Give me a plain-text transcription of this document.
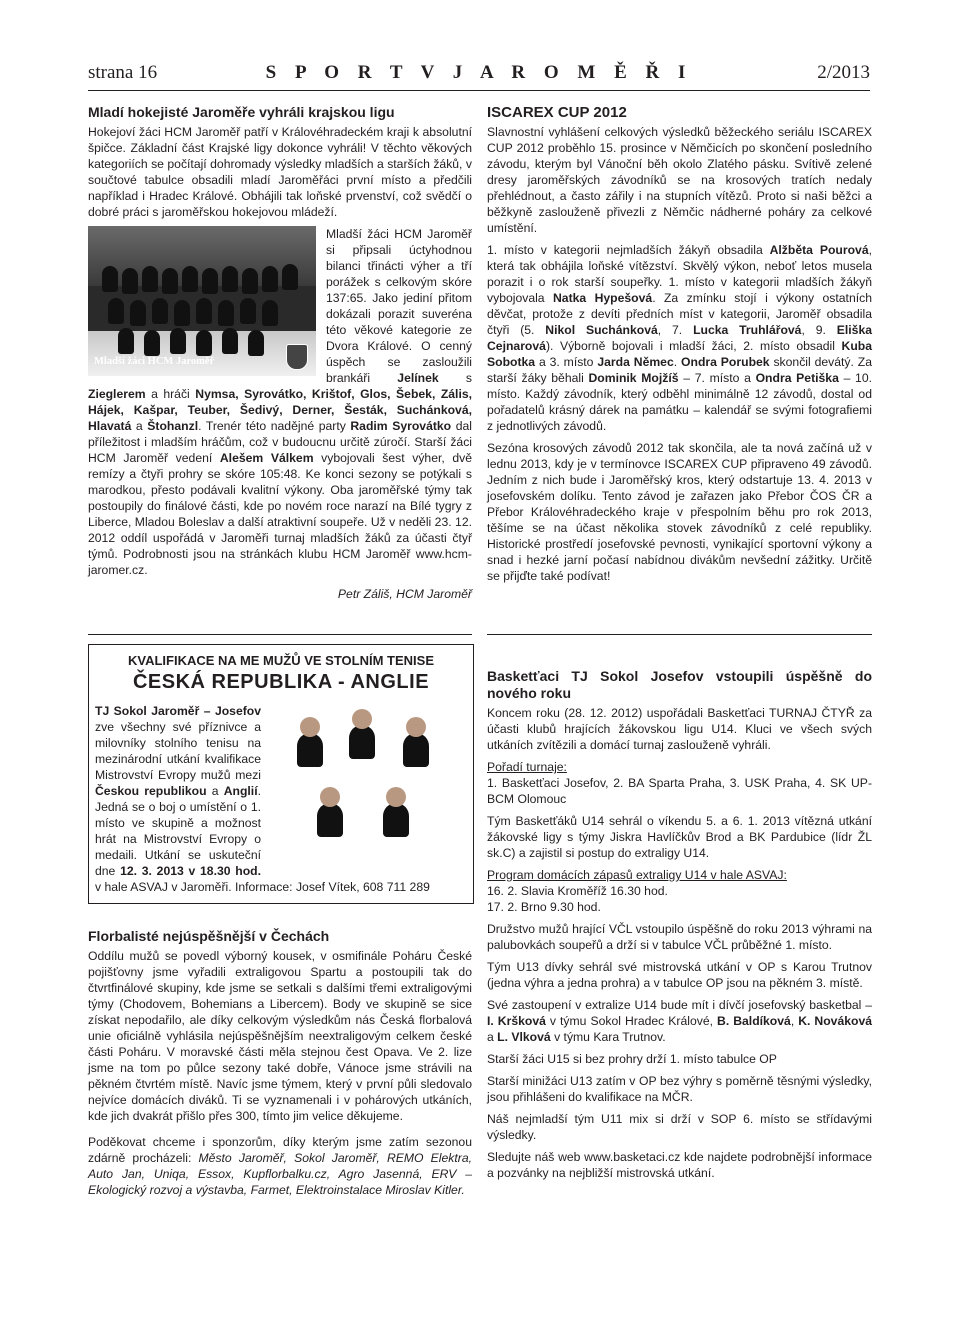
strana 16	S P O R T V J A R O M Ě Ř I	2/2013
Mladí hokejisté Jaroměře vyhráli krajskou ligu

Hokejoví žáci HCM Jaroměř patří v Královéhradeckém kraji k absolutní špičce. Základní část Krajské ligy dokonce vyhráli! V těchto věkových kategoriích se počítají dohromady výsledky mladších a starších žáků, v součtové tabulce obsadili mladí Jaroměřáci první místo a předčili například i Hradec Králové. Obhájili tak loňské prvenství, což svědčí o dobré práci s jaroměřskou hokejovou mládeží.

Mladší žáci HCM Jaroměř
Mladší žáci HCM Jaroměř si připsali úctyhodnou bilanci třinácti výher a tří porážek s celkovým skóre 137:65. Jako jediní přitom dokázali porazit suveréna této věkové kategorie ze Dvora Králové. O cenný úspěch se zasloužili brankáři Jelínek s Zieglerem a hráči Nymsa, Syrovátko, Krištof, Glos, Šebek, Zális, Hájek, Kašpar, Teuber, Šedivý, Derner, Šesták, Suchánková, Hlavatá a Štohanzl. Trenér této nadějné party Radim Syrovátko dal příležitost i mladším hráčům, což v budoucnu určitě zúročí. Starší žáci HCM Jaroměř vedení Alešem Válkem vybojovali šest výher, dvě remízy a čtyři prohry se skóre 105:48. Ke konci sezony se potýkali s marodkou, přesto podávali kvalitní výkony. Oba jaroměřské týmy tak postoupily do finálové části, kde po novém roce narazí na Bílé tygry z Liberce, Mladou Boleslav a další atraktivní soupeře. Už v neděli 23. 12. 2012 oddíl uspořádá v Jaroměři turnaj mladších žáků za účasti čtyř týmů. Podrobnosti jsou na stránkách klubu HCM Jaroměř www.hcm-jaromer.cz.

Petr Záliš, HCM Jaroměř

ISCAREX CUP 2012

Slavnostní vyhlášení celkových výsledků běžeckého seriálu ISCAREX CUP 2012 proběhlo 15. prosince v Němčicích po skončení posledního závodu, kterým byl Vánoční běh okolo Zlatého pásku. Svítivě zelené dresy jaroměřských závodníků se na krosových tratích nedaly přehlédnout, a často zářily i na stupních vítězů. Proto si naši běžci a běžkyně zaslouženě přivezli z Němčic nádherné poháry za celkové umístění.

1. místo v kategorii nejmladších žákyň obsadila Alžběta Pourová, která tak obhájila loňské vítězství. Skvělý výkon, neboť letos musela porazit i o rok starší soupeřky. 1. místo v kategorii mladších žákyň vybojovala Natka Hypešová. Za zmínku stojí i výkony ostatních děvčat, protože z devíti předních míst v kategorii, Jaroměř obsadila čtyři (5. Nikol Suchánková, 7. Lucka Truhlářová, 9. Eliška Cejnarová). Výborně bojovali i mladší žáci, 2. místo obsadil Kuba Sobotka a 3. místo Jarda Němec. Ondra Porubek skončil devátý. Za starší žáky běhali Dominik Mojžíš – 7. místo a Ondra Petiška – 10. místo. Každý závodník, který odběhl minimálně 12 závodů, dostal od pořadatelů krásný dárek na památku – kalendář se svými fotografiemi z jednotlivých závodů.

Sezóna krosových závodů 2012 tak skončila, ale ta nová začíná už v lednu 2013, kdy je v termínovce ISCAREX CUP připraveno 49 závodů. Jedním z nich bude i Jaroměřský kros, který odstartuje 13. 4. 2013 v josefovském dolíku. Tento závod je zařazen jako Přebor ČOS ČR a Přebor Královéhradeckého kraje v přespolním běhu pro rok 2013, těšíme se na účast několika stovek závodníků z celé republiky. Historické prostředí josefovské pevnosti, vynikající sportovní výkony a snad i hezké jarní počasí nabídnou divákům nevšední zážitky. Určitě se přijďte také podívat!

KVALIFIKACE NA ME MUŽŮ VE STOLNÍM TENISE
ČESKÁ REPUBLIKA - ANGLIE
TJ Sokol Jaroměř – Josefov zve všechny své příznivce a milovníky stolního tenisu na mezinárodní utkání kvalifikace Mistrovství Evropy mužů mezi Českou republikou a Anglií. Jedná se o boj o umístění o 1. místo ve skupině a možnost hrát na Mistrovství Evropy o medaili. Utkání se uskuteční dne 12. 3. 2013 v 18.30 hod. v hale ASVAJ v Jaroměři. Informace: Josef Vítek, 608 711 289
Florbalisté nejúspěšnější v Čechách

Oddílu mužů se povedl výborný kousek, v osmifinále Poháru České pojišťovny jsme vyřadili extraligovou Spartu a postoupili tak do čtvrtfinálové skupiny, kde jsme se setkali s dalšími třemi extraligovými týmy (Chodovem, Bohemians a Libercem). Body ve skupině se sice získat nepodařilo, ale díky celkovým výsledkům nás Česká florbalová unie oficiálně vyhlásila nejúspěšnějším neextraligovým celkem české části Poháru. V moravské části měla stejnou čest Opava. Ve 2. lize jsme na tom po půlce sezony také dobře, Vánoce jsme strávili na pěkném čtvrtém místě. Navíc jsme týmem, který v první půli sledovalo nejvíce domácích diváků. Ti se vyznamenali i v pohárových utkáních, kde jich dvakrát přišlo přes 300, tímto jim velice děkujeme.

Poděkovat chceme i sponzorům, díky kterým jsme zatím sezonou zdárně procházeli: Město Jaroměř, Sokol Jaroměř, REMO Elektra, Auto Jan, Uniqa, Essox, Kupflorbalku.cz, Agro Jasenná, ERV – Ekologický rozvoj a výstavba, Farmet, Elektroinstalace Miroslav Kitler.

Basketťaci TJ Sokol Josefov vstoupili úspěšně do nového roku

Koncem roku (28. 12. 2012) uspořádali Basketťaci TURNAJ ČTYŘ za účasti klubů hrajících žákovskou ligu U14. Kluci ve všech svých utkáních zvítězili a domácí turnaj zaslouženě vyhráli.

Pořadí turnaje:

1. Basketťaci Josefov, 2. BA Sparta Praha, 3. USK Praha, 4. SK UP-BCM Olomouc

Tým Basketťáků U14 sehrál o víkendu 5. a 6. 1. 2013 vítězná utkání žákovské ligy s týmy Jiskra Havlíčkův Brod a BK Pardubice (lídr ŽL sk.C) a zajistil si postup do extraligy U14.

Program domácích zápasů extraligy U14 v hale ASVAJ:
16. 2. Slavia Kroměříž 16.30 hod.

17. 2. Brno 9.30 hod.

Družstvo mužů hrající VČL vstoupilo úspěšně do roku 2013 výhrami na palubovkách soupeřů a drží si v tabulce VČL průběžné 1. místo.

Tým U13 dívky sehrál své mistrovská utkání v OP s Karou Trutnov (jedna výhra a jedna prohra) a v tabulce OP jsou na pěkném 3. místě.

Své zastoupení v extralize U14 bude mít i dívčí josefovský basketbal – I. Kršková v týmu Sokol Hradec Králové, B. Baldíková, K. Nováková a L. Vlková v týmu Kara Trutnov.

Starší žáci U15 si bez prohry drží 1. místo tabulce OP

Starší minižáci U13 zatím v OP bez výhry s poměrně těsnými výsledky, jsou přihlášeni do kvalifikace na MČR.

Náš nejmladší tým U11 mix si drží v SOP 6. místo se střídavými výsledky.

Sledujte náš web www.basketaci.cz kde najdete podrobnější informace a pozvánky na nejbližší mistrovská utkání.
